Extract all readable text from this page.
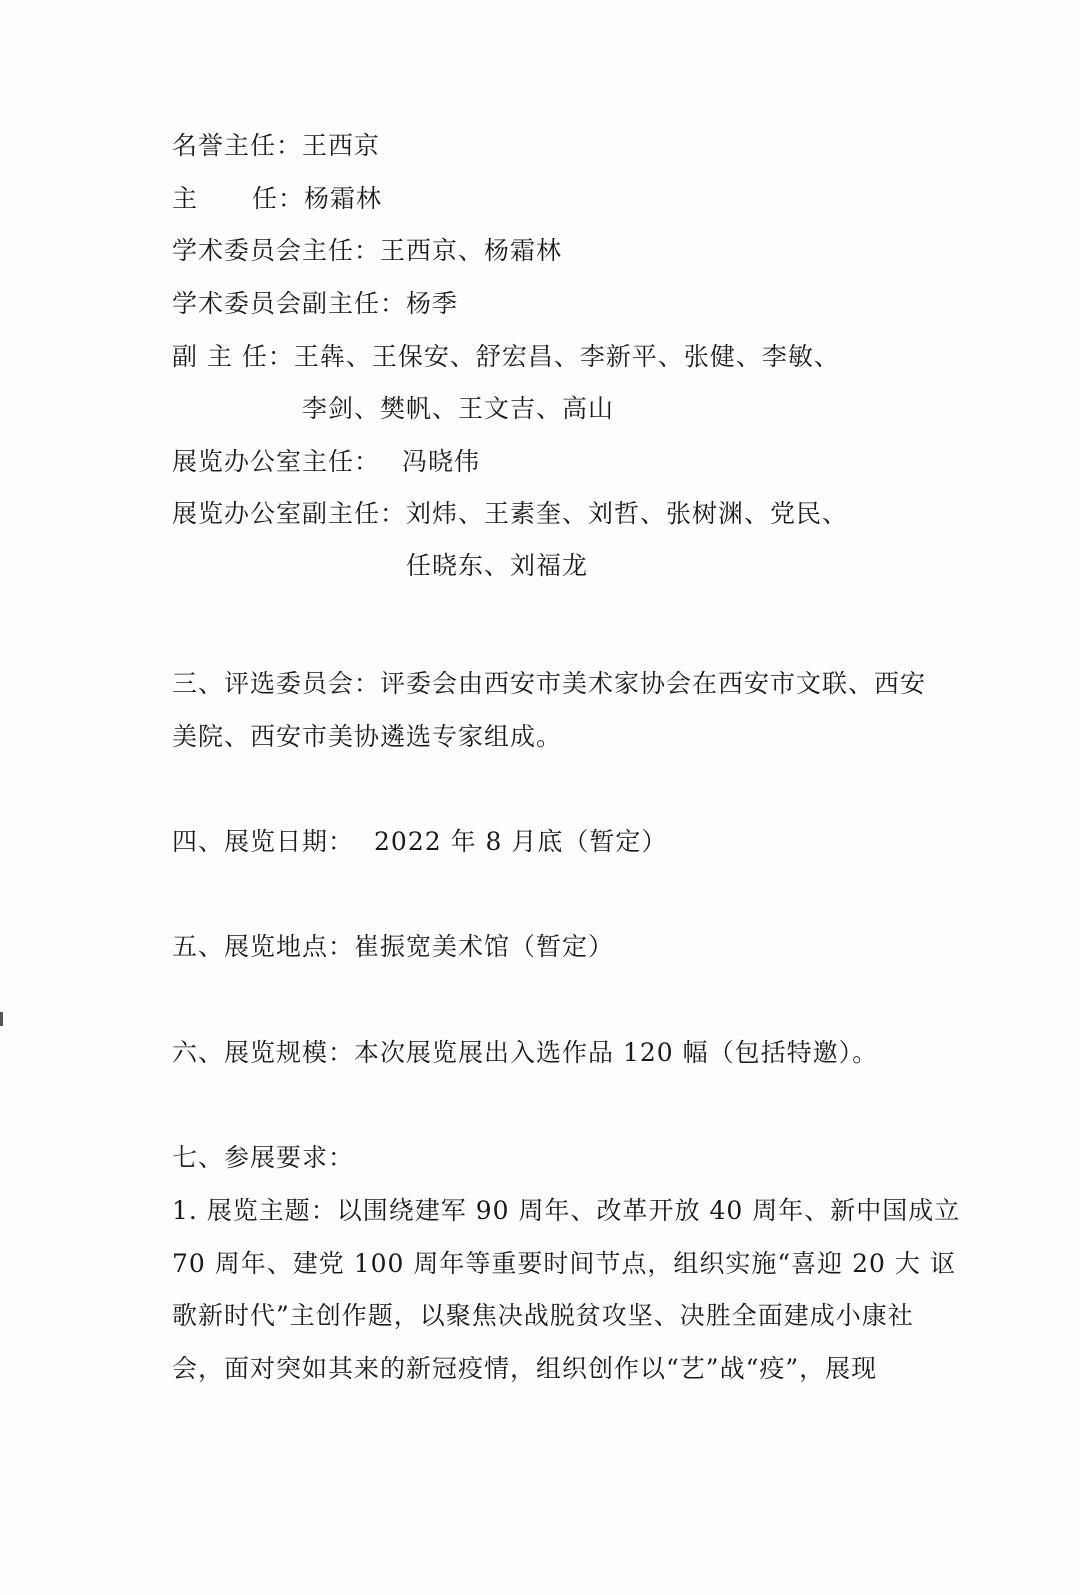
名誉主任：王西京
主 任：杨霜林
学术委员会主任：王西京、杨霜林
学术委员会副主任：杨季
副 主 任：王犇、王保安、舒宏昌、李新平、张健、李敏、
李剑、樊帆、王文吉、高山
展览办公室主任： 冯晓伟
展览办公室副主任：刘炜、王素奎、刘哲、张树渊、党民、
任晓东、刘福龙
三、评选委员会：评委会由西安市美术家协会在西安市文联、西安
美院、西安市美协遴选专家组成。
四、展览日期： 2022 年 8 月底（暂定）
五、展览地点：崔振宽美术馆（暂定）
六、展览规模：本次展览展出入选作品 120 幅（包括特邀）。
七、参展要求：
1. 展览主题：以围绕建军 90 周年、改革开放 40 周年、新中国成立
70 周年、建党 100 周年等重要时间节点，组织实施“喜迎 20 大 讴
歌新时代”主创作题，以聚焦决战脱贫攻坚、决胜全面建成小康社
会，面对突如其来的新冠疫情，组织创作以“艺”战“疫”，展现
